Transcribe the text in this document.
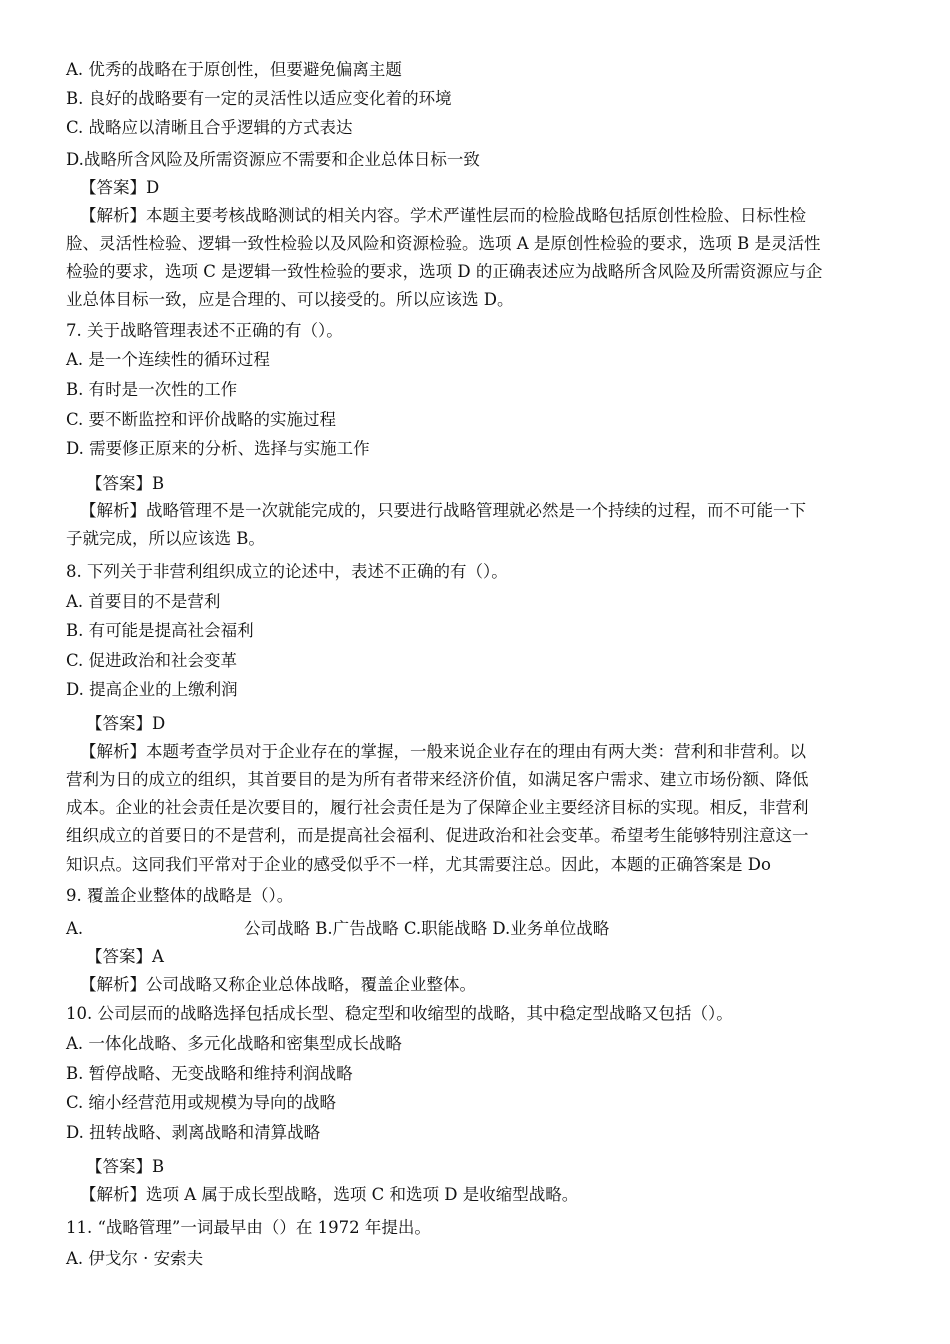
A. 优秀的战略在于原创性，但要避免偏离主题
B. 良好的战略要有一定的灵活性以适应变化着的环境
C. 战略应以清晰且合乎逻辑的方式表达
D.战略所含风险及所需资源应不需要和企业总体日标一致
【答案】D
【解析】本题主要考核战略测试的相关内容。学术严谨性层而的检脸战略包括原创性检脸、日标性检
脸、灵活性检验、逻辑一致性检验以及风险和资源检验。选项 A 是原创性检验的要求，选项 B 是灵活性
检验的要求，选项 C 是逻辑一致性检验的要求，选项 D 的正确表述应为战略所含风险及所需资源应与企
业总体目标一致，应是合理的、可以接受的。所以应该选 D。
7. 关于战略管理表述不正确的有（）。
A. 是一个连续性的循环过程
B. 有时是一次性的工作
C. 要不断监控和评价战略的实施过程
D. 需要修正原来的分析、选择与实施工作
【答案】B
【解析】战略管理不是一次就能完成的，只要进行战略管理就必然是一个持续的过程，而不可能一下
子就完成，所以应该选 B。
8. 下列关于非营利组织成立的论述中，表述不正确的有（）。
A. 首要目的不是营利
B. 有可能是提高社会福利
C. 促进政治和社会变革
D. 提高企业的上缴利润
【答案】D
【解析】本题考查学员对于企业存在的掌握，一般来说企业存在的理由有两大类：营利和非营利。以
营利为日的成立的组织，其首要目的是为所有者带来经济价值，如满足客户需求、建立市场份额、降低
成本。企业的社会责任是次要目的，履行社会责任是为了保障企业主要经济目标的实现。相反，非营利
组织成立的首要日的不是营利，而是提高社会福利、促进政治和社会变革。希望考生能够特别注意这一
知识点。这同我们平常对于企业的感受似乎不一样，尤其需要注总。因此，本题的正确答案是 Do
9. 覆盖企业整体的战略是（）。
A.	公司战略 B.广告战略 C.职能战略 D.业务单位战略
【答案】A
【解析】公司战略又称企业总体战略，覆盖企业整体。
10. 公司层而的战略选择包括成长型、稳定型和收缩型的战略，其中稳定型战略又包括（）。
A. 一体化战略、多元化战略和密集型成长战略
B. 暂停战略、无变战略和维持利润战略
C. 缩小经营范用或规模为导向的战略
D. 扭转战略、剥离战略和清算战略
【答案】B
【解析】选项 A 属于成长型战略，选项 C 和选项 D 是收缩型战略。
11. “战略管理”一词最早由（）在 1972 年提出。
A. 伊戈尔 · 安索夫
